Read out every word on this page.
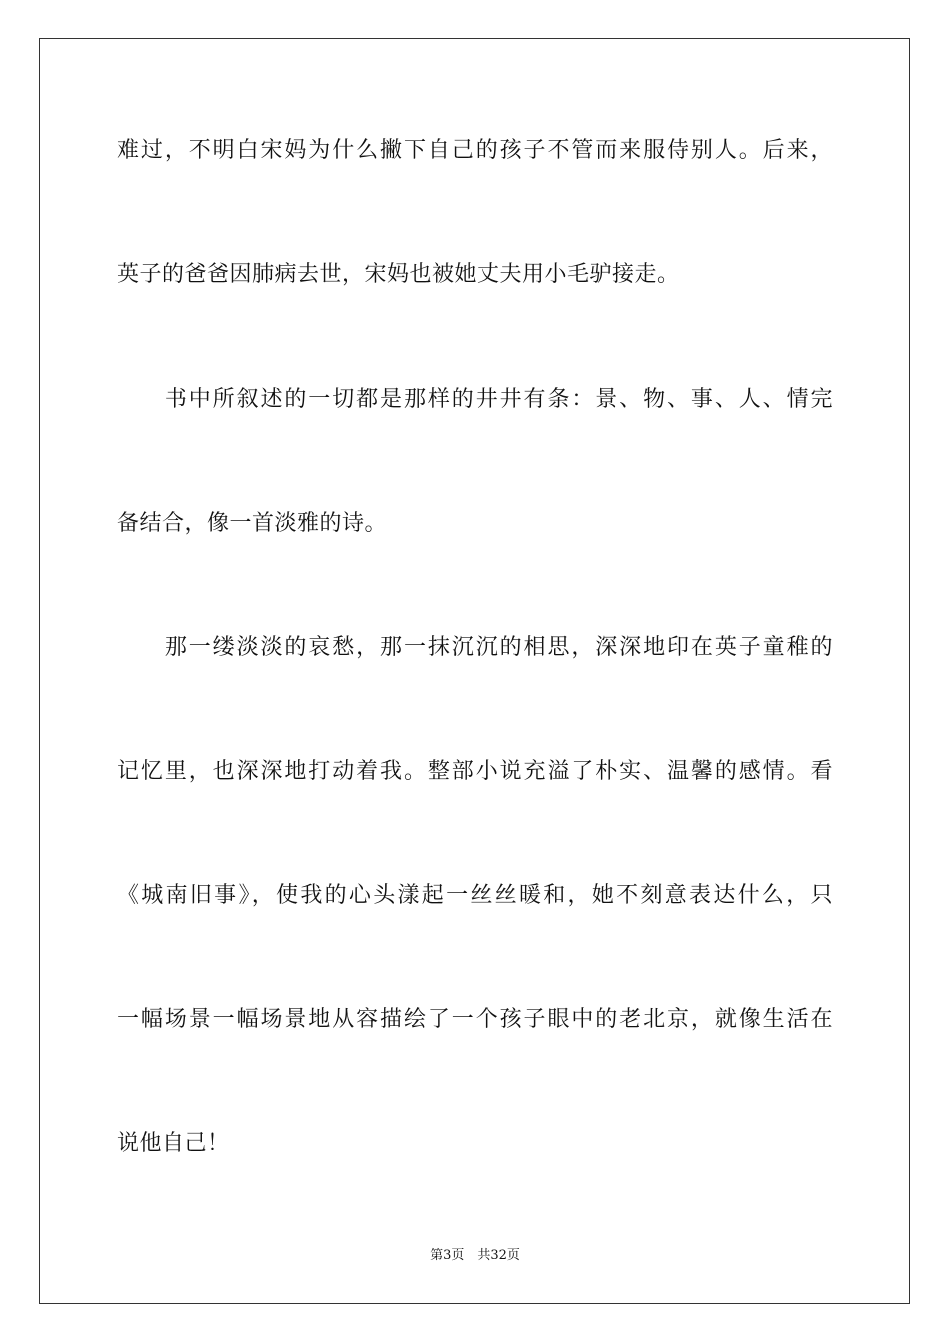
难过，不明白宋妈为什么撇下自己的孩子不管而来服侍别人。后来，
英子的爸爸因肺病去世，宋妈也被她丈夫用小毛驴接走。
　　书中所叙述的一切都是那样的井井有条：景、物、事、人、情完
备结合，像一首淡雅的诗。
　　那一缕淡淡的哀愁，那一抹沉沉的相思，深深地印在英子童稚的
记忆里，也深深地打动着我。整部小说充溢了朴实、温馨的感情。看
《城南旧事》，使我的心头漾起一丝丝暖和，她不刻意表达什么，只
一幅场景一幅场景地从容描绘了一个孩子眼中的老北京，就像生活在
说他自己！
第3页　共32页
